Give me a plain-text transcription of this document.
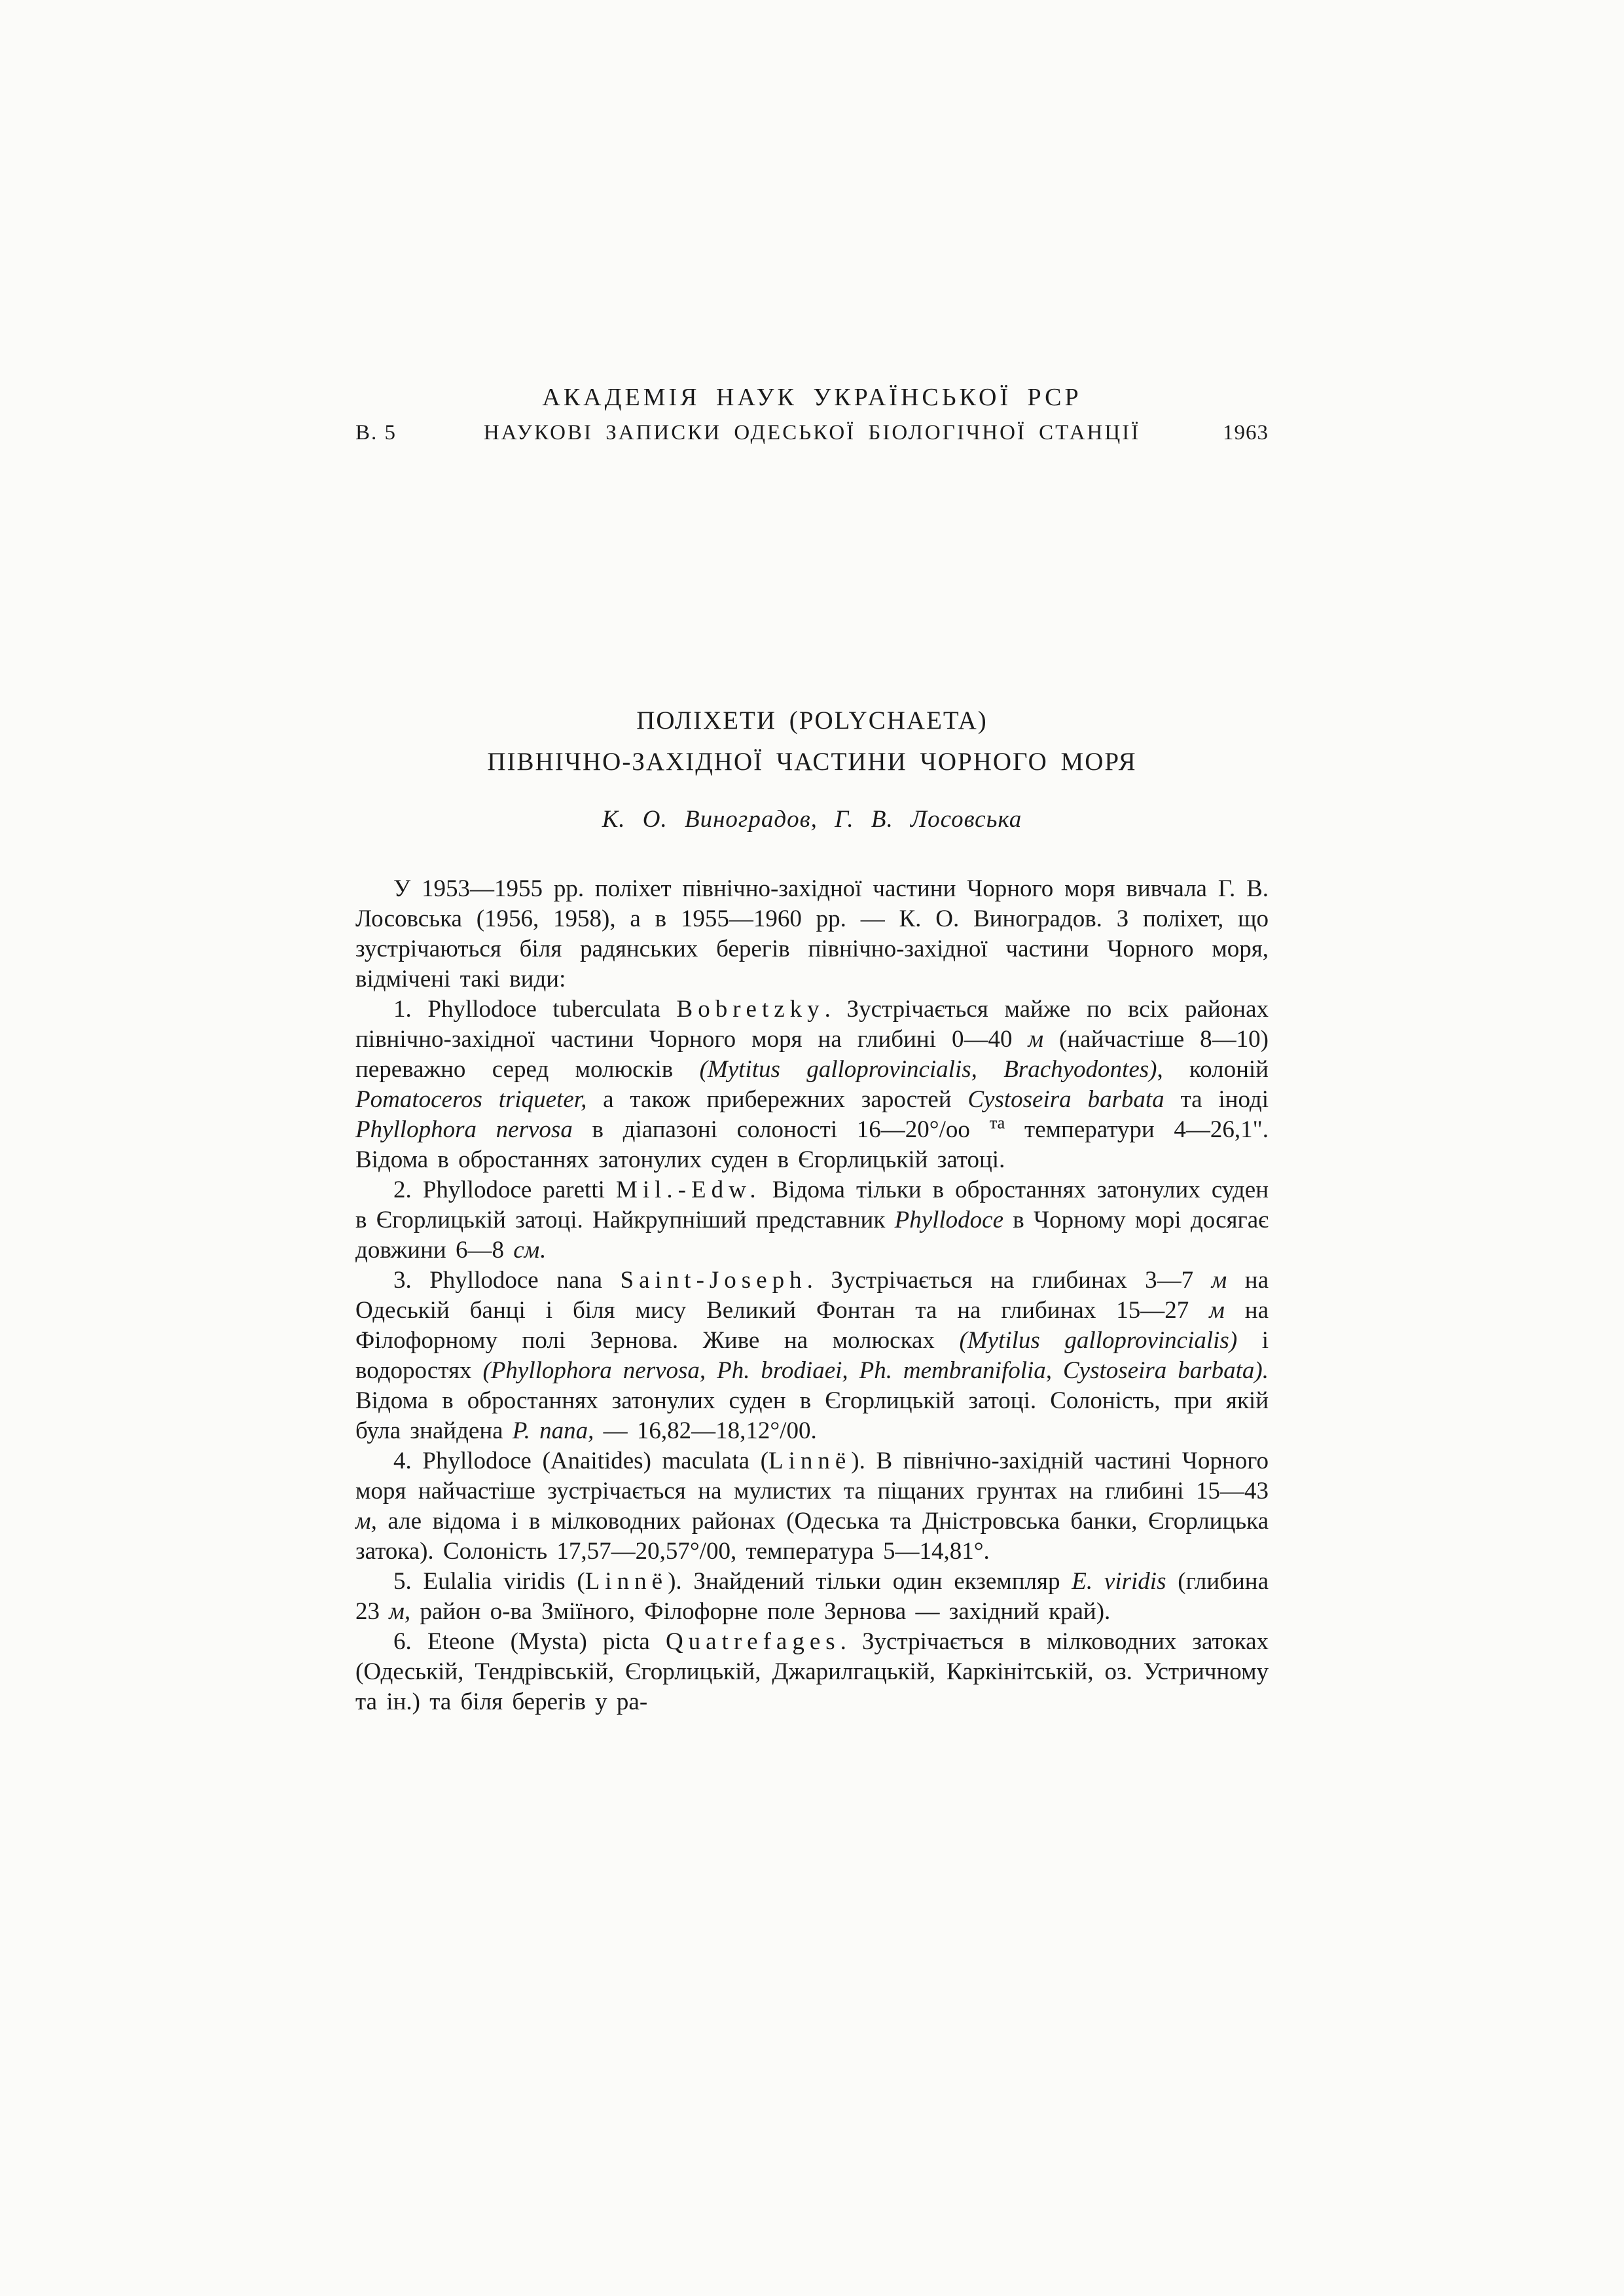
АКАДЕМІЯ НАУК УКРАЇНСЬКОЇ РСР
В. 5	НАУКОВІ ЗАПИСКИ ОДЕСЬКОЇ БІОЛОГІЧНОЇ СТАНЦІЇ	1963
ПОЛІХЕТИ (POLYCHAETA)
ПІВНІЧНО-ЗАХІДНОЇ ЧАСТИНИ ЧОРНОГО МОРЯ
К. О. Виноградов, Г. В. Лосовська

У 1953—1955 рр. поліхет північно-західної частини Чорного моря вивчала Г. В. Лосовська (1956, 1958), а в 1955—1960 рр. — К. О. Виноградов. З поліхет, що зустрічаються біля радянських берегів північно-західної частини Чорного моря, відмічені такі види:

1. Phyllodoce tuberculata Bobretzky. Зустрічається майже по всіх районах північно-західної частини Чорного моря на глибині 0—40 м (найчастіше 8—10) переважно серед молюсків (Mytitus galloprovincialis, Brachyodontes), колоній Pomatoceros triqueter, а також прибережних заростей Cystoseira barbata та іноді Phyllophora nervosa в діапазоні солоності 16—20°/оо $^{та}$ температури 4—26,1". Відома в обростаннях затонулих суден в Єгорлицькій затоці.

2. Phyllodoce paretti Mil.-Edw. Відома тільки в обростаннях затонулих суден в Єгорлицькій затоці. Найкрупніший представник Phyllodoce в Чорному морі досягає довжини 6—8 см.

3. Phyllodoce nana Saint-Joseph. Зустрічається на глибинах 3—7 м на Одеській банці і біля мису Великий Фонтан та на глибинах 15—27 м на Філофорному полі Зернова. Живе на молюсках (Mytilus galloprovincialis) і водоростях (Phyllophora nervosa, Ph. brodiaei, Ph. membranifolia, Cystoseira barbata). Відома в обростаннях затонулих суден в Єгорлицькій затоці. Солоність, при якій була знайдена P. nana, — 16,82—18,12°/00.

4. Phyllodoce (Anaitides) maculata (Linnё). В північно-західній частині Чорного моря найчастіше зустрічається на мулистих та піщаних грунтах на глибині 15—43 м, але відома і в мілководних районах (Одеська та Дністровська банки, Єгорлицька затока). Солоність 17,57—20,57°/00, температура 5—14,81°.

5. Eulalia viridis (Linnё). Знайдений тільки один екземпляр E. viridis (глибина 23 м, район о-ва Зміїного, Філофорне поле Зернова — західний край).

6. Eteone (Mysta) picta Quatrefages. Зустрічається в мілководних затоках (Одеській, Тендрівській, Єгорлицькій, Джарилгацькій, Каркінітській, оз. Устричному та ін.) та біля берегів у ра-
